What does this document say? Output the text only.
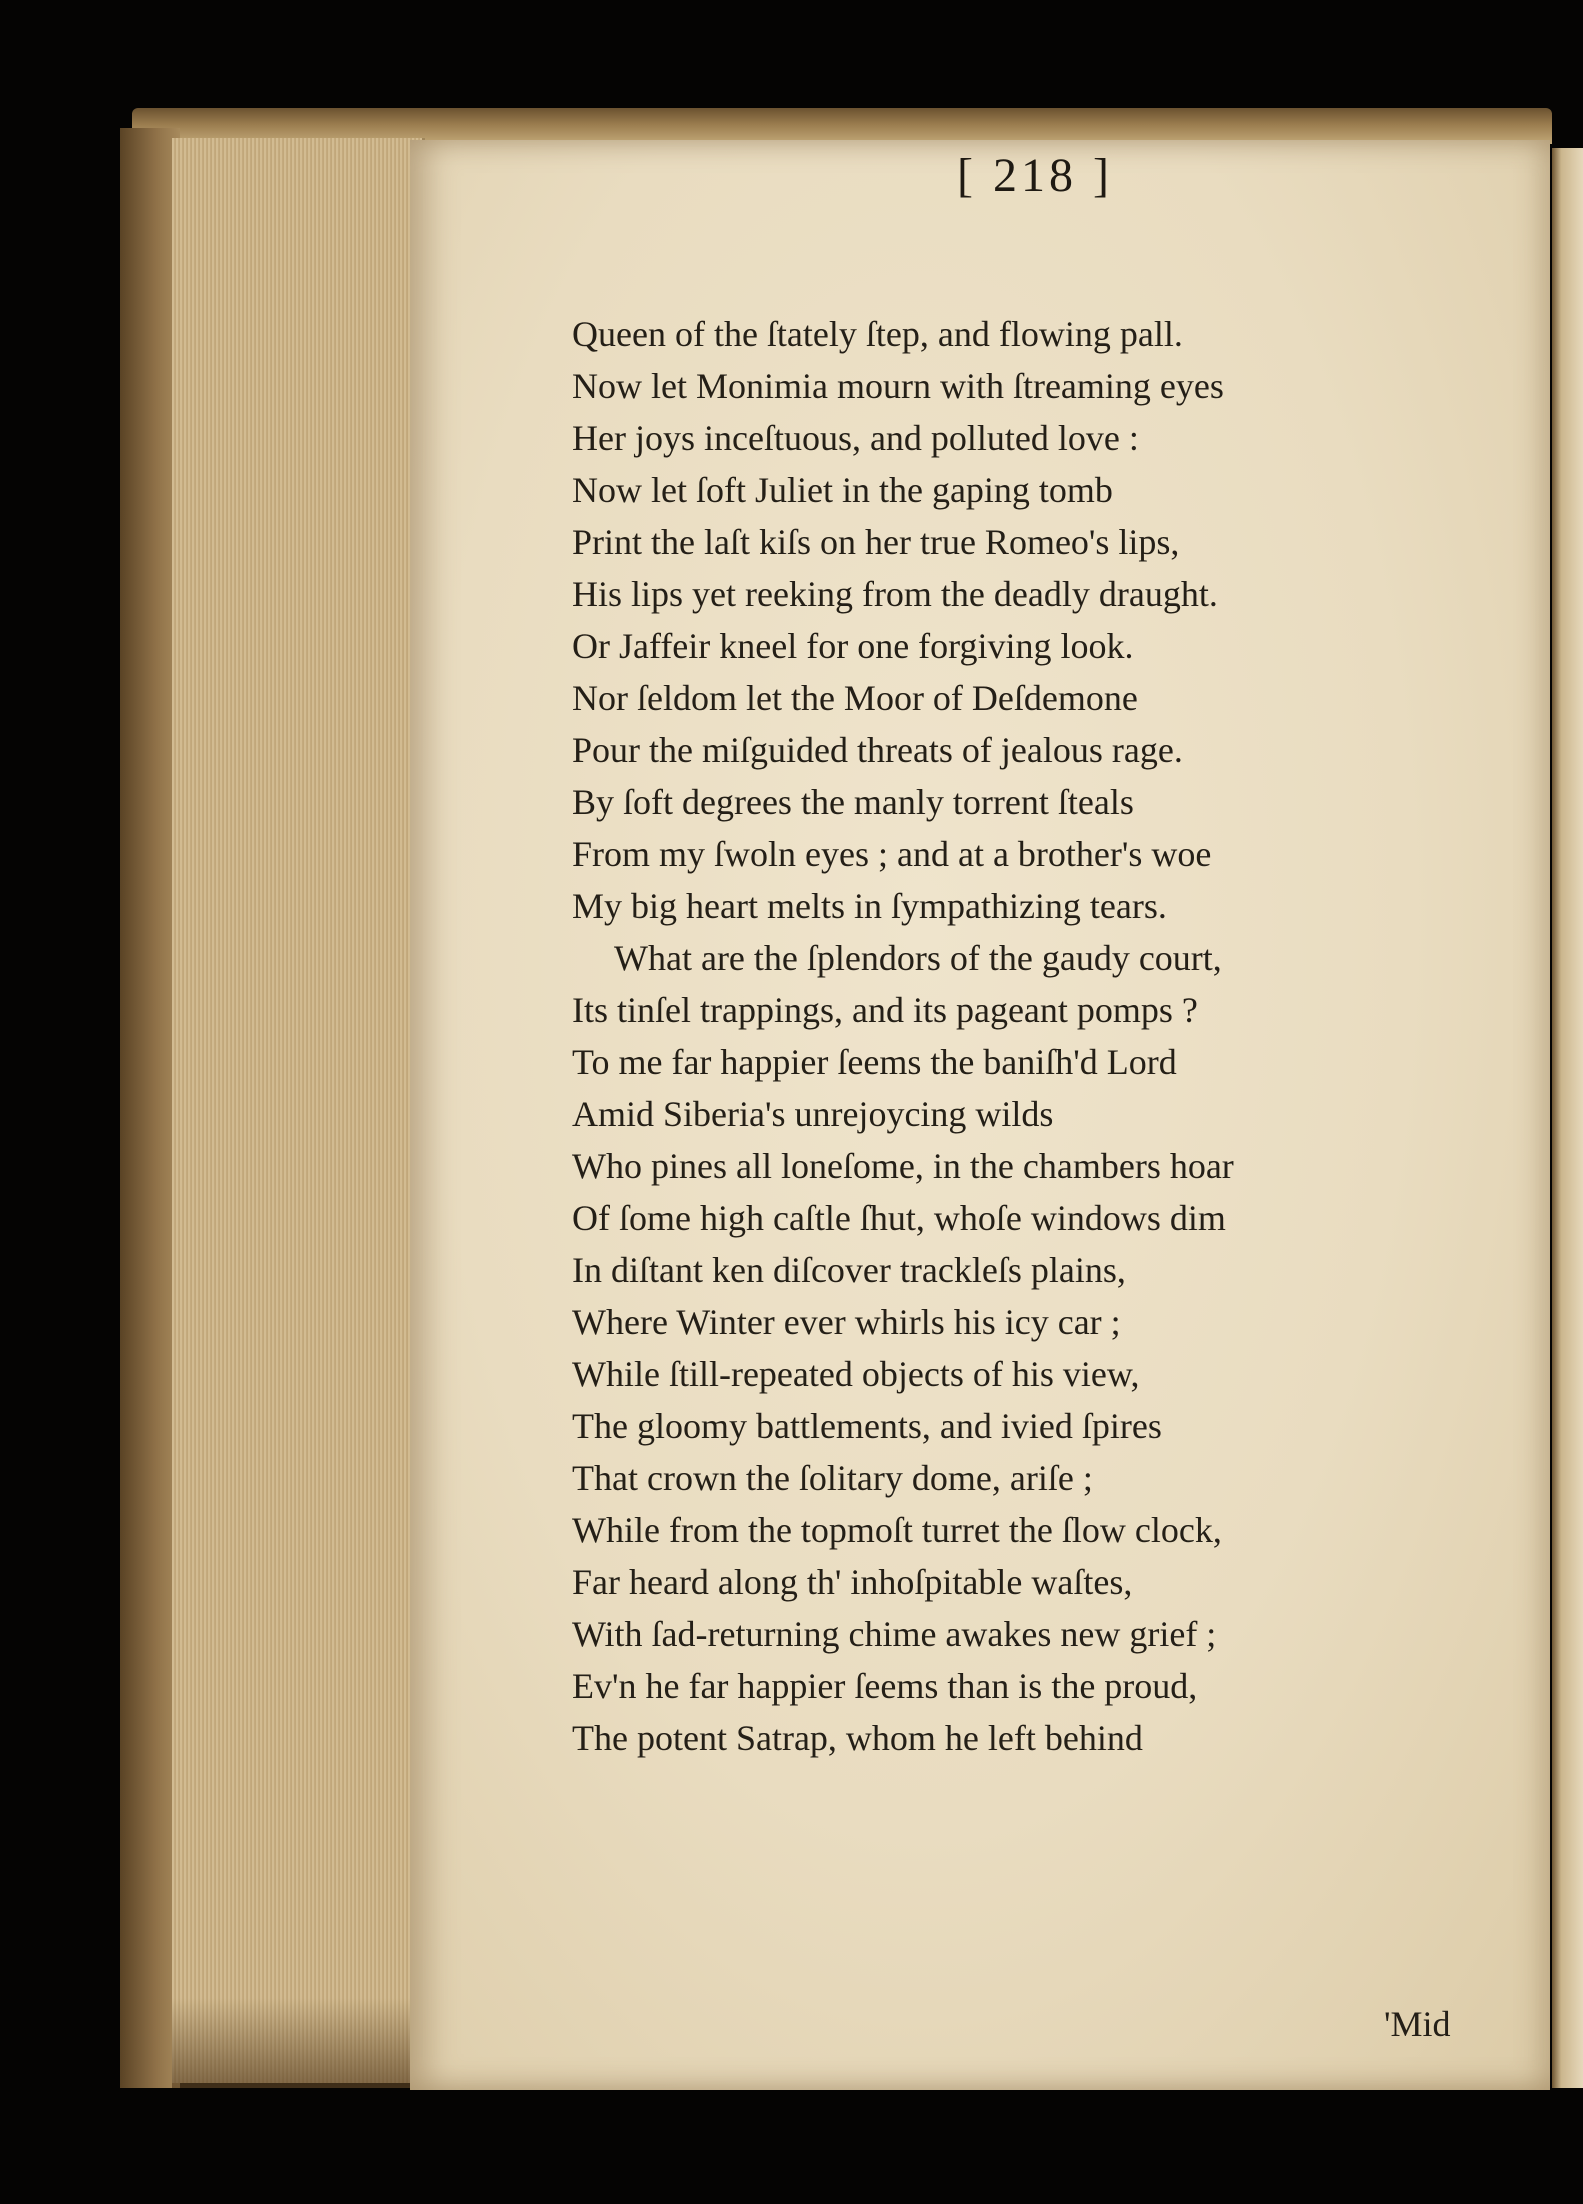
[ 218 ]
Queen of the ſtately ſtep, and flowing pall.
Now let Monimia mourn with ſtreaming eyes
Her joys inceſtuous, and polluted love :
Now let ſoft Juliet in the gaping tomb
Print the laſt kiſs on her true Romeo's lips,
His lips yet reeking from the deadly draught.
Or Jaffeir kneel for one forgiving look.
Nor ſeldom let the Moor of Deſdemone
Pour the miſguided threats of jealous rage.
By ſoft degrees the manly torrent ſteals
From my ſwoln eyes ; and at a brother's woe
My big heart melts in ſympathizing tears.
What are the ſplendors of the gaudy court,
Its tinſel trappings, and its pageant pomps ?
To me far happier ſeems the baniſh'd Lord
Amid Siberia's unrejoycing wilds
Who pines all loneſome, in the chambers hoar
Of ſome high caſtle ſhut, whoſe windows dim
In diſtant ken diſcover trackleſs plains,
Where Winter ever whirls his icy car ;
While ſtill-repeated objects of his view,
The gloomy battlements, and ivied ſpires
That crown the ſolitary dome, ariſe ;
While from the topmoſt turret the ſlow clock,
Far heard along th' inhoſpitable waſtes,
With ſad-returning chime awakes new grief ;
Ev'n he far happier ſeems than is the proud,
The potent Satrap, whom he left behind
'Mid
